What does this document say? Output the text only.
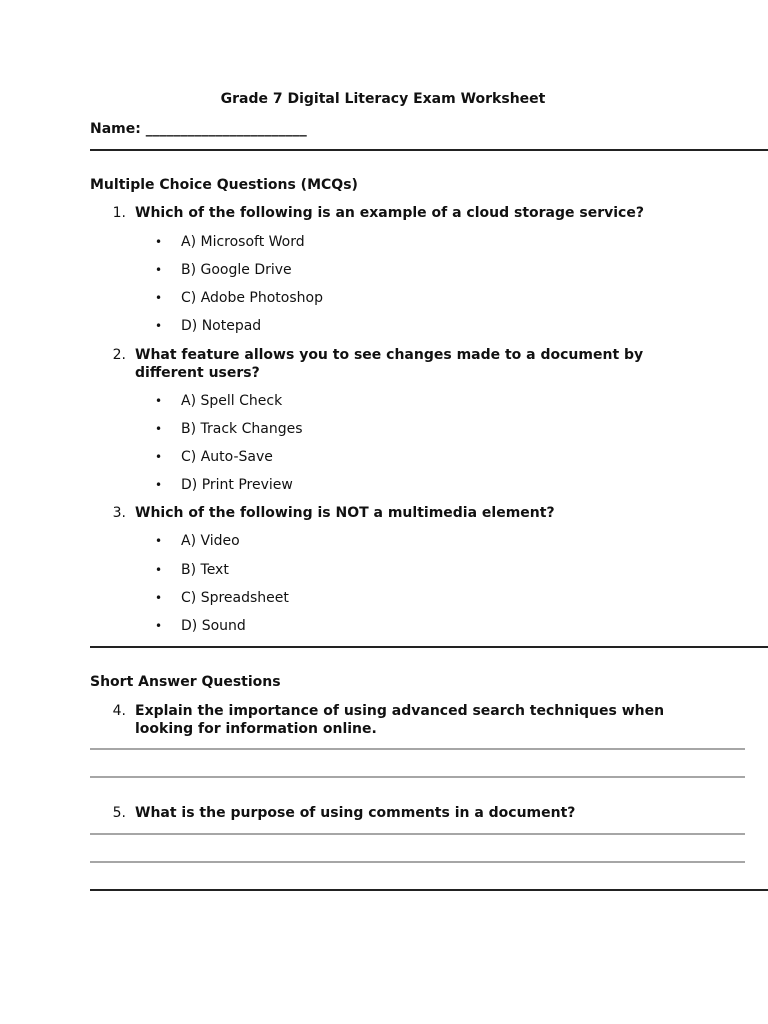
Grade 7 Digital Literacy Exam Worksheet
Name: _______________________
Multiple Choice Questions (MCQs)
1. Which of the following is an example of a cloud storage service?
• A) Microsoft Word
• B) Google Drive
• C) Adobe Photoshop
• D) Notepad
2. What feature allows you to see changes made to a document by different users?
• A) Spell Check
• B) Track Changes
• C) Auto-Save
• D) Print Preview
3. Which of the following is NOT a multimedia element?
• A) Video
• B) Text
• C) Spreadsheet
• D) Sound
Short Answer Questions
4. Explain the importance of using advanced search techniques when looking for information online.
5. What is the purpose of using comments in a document?
